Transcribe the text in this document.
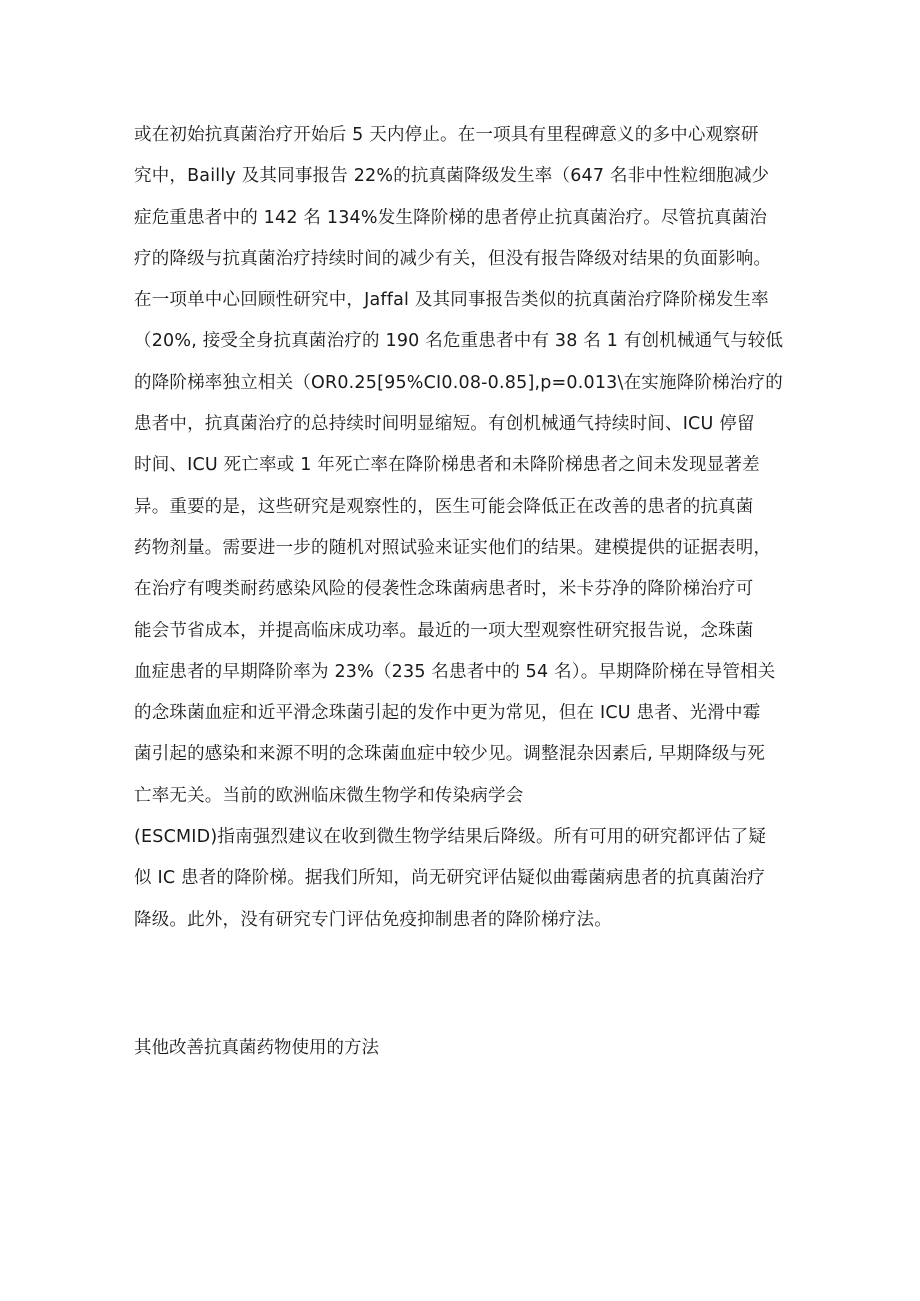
或在初始抗真菌治疗开始后 5 天内停止。在一项具有里程碑意义的多中心观察研
究中，Bailly 及其同事报告 22%的抗真菌降级发生率（647 名非中性粒细胞减少
症危重患者中的 142 名 134%发生降阶梯的患者停止抗真菌治疗。尽管抗真菌治
疗的降级与抗真菌治疗持续时间的减少有关，但没有报告降级对结果的负面影响。
在一项单中心回顾性研究中，Jaffal 及其同事报告类似的抗真菌治疗降阶梯发生率
（20%, 接受全身抗真菌治疗的 190 名危重患者中有 38 名 1 有创机械通气与较低
的降阶梯率独立相关（OR0.25[95%CI0.08-0.85],p=0.013\在实施降阶梯治疗的
患者中，抗真菌治疗的总持续时间明显缩短。有创机械通气持续时间、ICU 停留
时间、ICU 死亡率或 1 年死亡率在降阶梯患者和未降阶梯患者之间未发现显著差
异。重要的是，这些研究是观察性的，医生可能会降低正在改善的患者的抗真菌
药物剂量。需要进一步的随机对照试验来证实他们的结果。建模提供的证据表明，
在治疗有嗖类耐药感染风险的侵袭性念珠菌病患者时，米卡芬净的降阶梯治疗可
能会节省成本，并提高临床成功率。最近的一项大型观察性研究报告说，念珠菌
血症患者的早期降阶率为 23%（235 名患者中的 54 名）。早期降阶梯在导管相关
的念珠菌血症和近平滑念珠菌引起的发作中更为常见，但在 ICU 患者、光滑中霉
菌引起的感染和来源不明的念珠菌血症中较少见。调整混杂因素后, 早期降级与死
亡率无关。当前的欧洲临床微生物学和传染病学会
(ESCMID)指南强烈建议在收到微生物学结果后降级。所有可用的研究都评估了疑
似 IC 患者的降阶梯。据我们所知，尚无研究评估疑似曲霉菌病患者的抗真菌治疗
降级。此外，没有研究专门评估免疫抑制患者的降阶梯疗法。
其他改善抗真菌药物使用的方法
